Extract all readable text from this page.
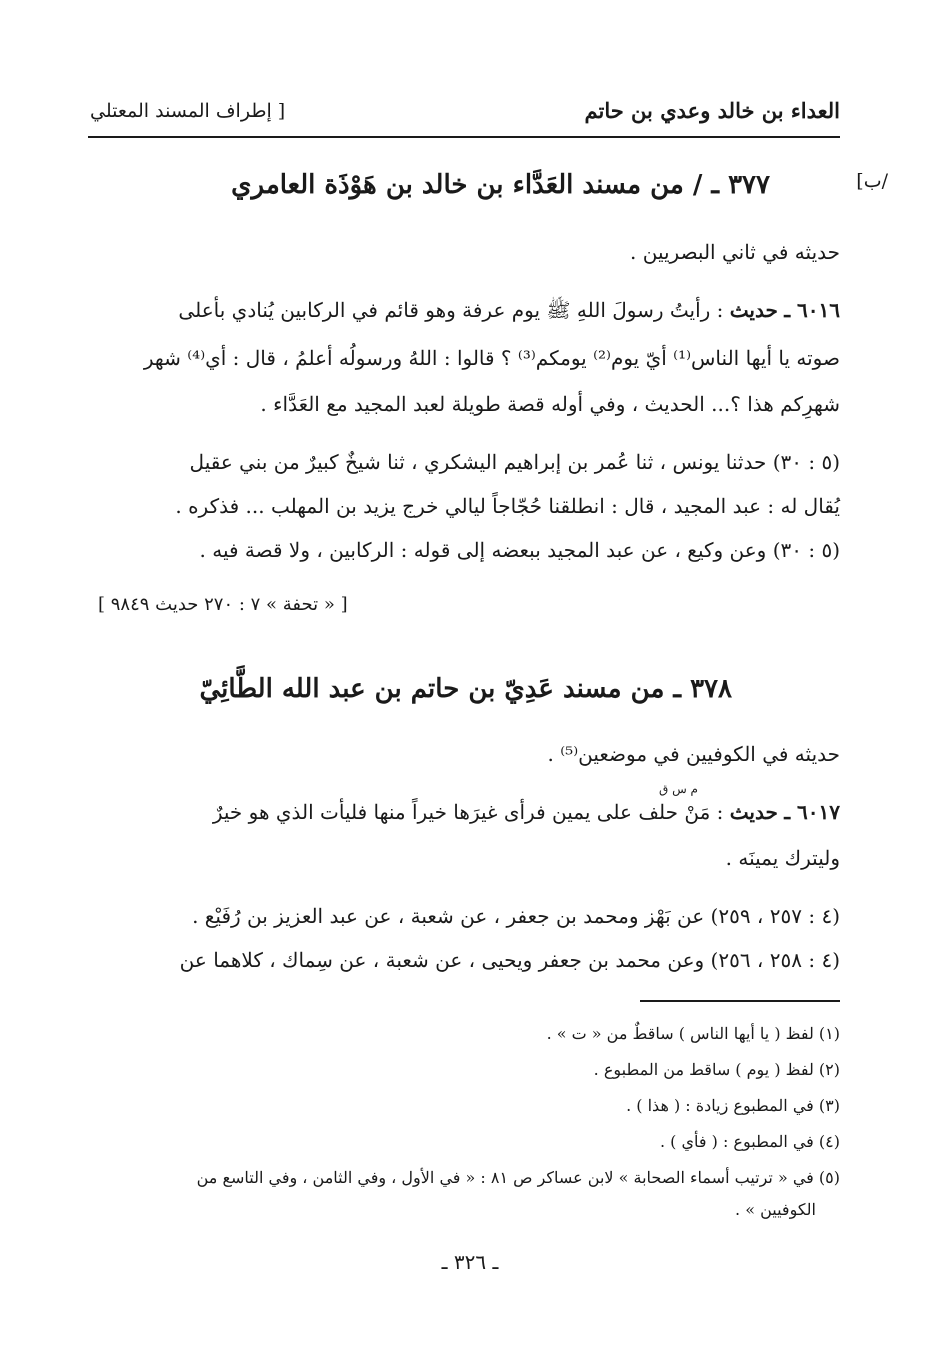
العداء بن خالد وعدي بن حاتم
[ إطراف المسند المعتلي
/ب]
٣٧٧ ـ / من مسند العَدَّاء بن خالد بن هَوْذَة العامري
حديثه في ثاني البصريين .
٦٠١٦ ـ حديث : رأيتُ رسولَ اللهِ ﷺ يوم عرفة وهو قائم في الركابين يُنادي بأعلى
صوته يا أيها الناس⁽¹⁾ أيّ يوم⁽²⁾ يومكم⁽³⁾ ؟ قالوا : اللهُ ورسولُه أعلمُ ، قال : أي⁽⁴⁾ شهر
شهرِكم هذا ؟... الحديث ، وفي أوله قصة طويلة لعبد المجيد مع العَدَّاء .
(٥ : ٣٠) حدثنا يونس ، ثنا عُمر بن إبراهيم اليشكري ، ثنا شيخٌ كبيرٌ من بني عقيل
يُقال له : عبد المجيد ، قال : انطلقنا حُجّاجاً ليالي خرج يزيد بن المهلب ... فذكره .
(٥ : ٣٠) وعن وكيع ، عن عبد المجيد ببعضه إلى قوله : الركابين ، ولا قصة فيه .
[ « تحفة » ٧ : ٢٧٠ حديث ٩٨٤٩ ]
٣٧٨ ـ من مسند عَدِيّ بن حاتم بن عبد الله الطَّائِيّ
حديثه في الكوفيين في موضعين⁽⁵⁾ .
م س ق
٦٠١٧ ـ حديث : مَنْ حلف على يمين فرأى غيرَها خيراً منها فليأت الذي هو خيرٌ
وليترك يمينَه .
(٤ : ٢٥٧ ، ٢٥٩) عن بَهْز ومحمد بن جعفر ، عن شعبة ، عن عبد العزيز بن رُفَيْع .
(٤ : ٢٥٨ ، ٢٥٦) وعن محمد بن جعفر ويحيى ، عن شعبة ، عن سِماك ، كلاهما عن
(١) لفظ ( يا أيها الناس ) ساقطٌ من « ت » .
(٢) لفظ ( يوم ) ساقط من المطبوع .
(٣) في المطبوع زيادة : ( هذا ) .
(٤) في المطبوع : ( فأي ) .
(٥) في « ترتيب أسماء الصحابة » لابن عساكر ص ٨١ : « في الأول ، وفي الثامن ، وفي التاسع من
الكوفيين » .
ـ ٣٢٦ ـ
